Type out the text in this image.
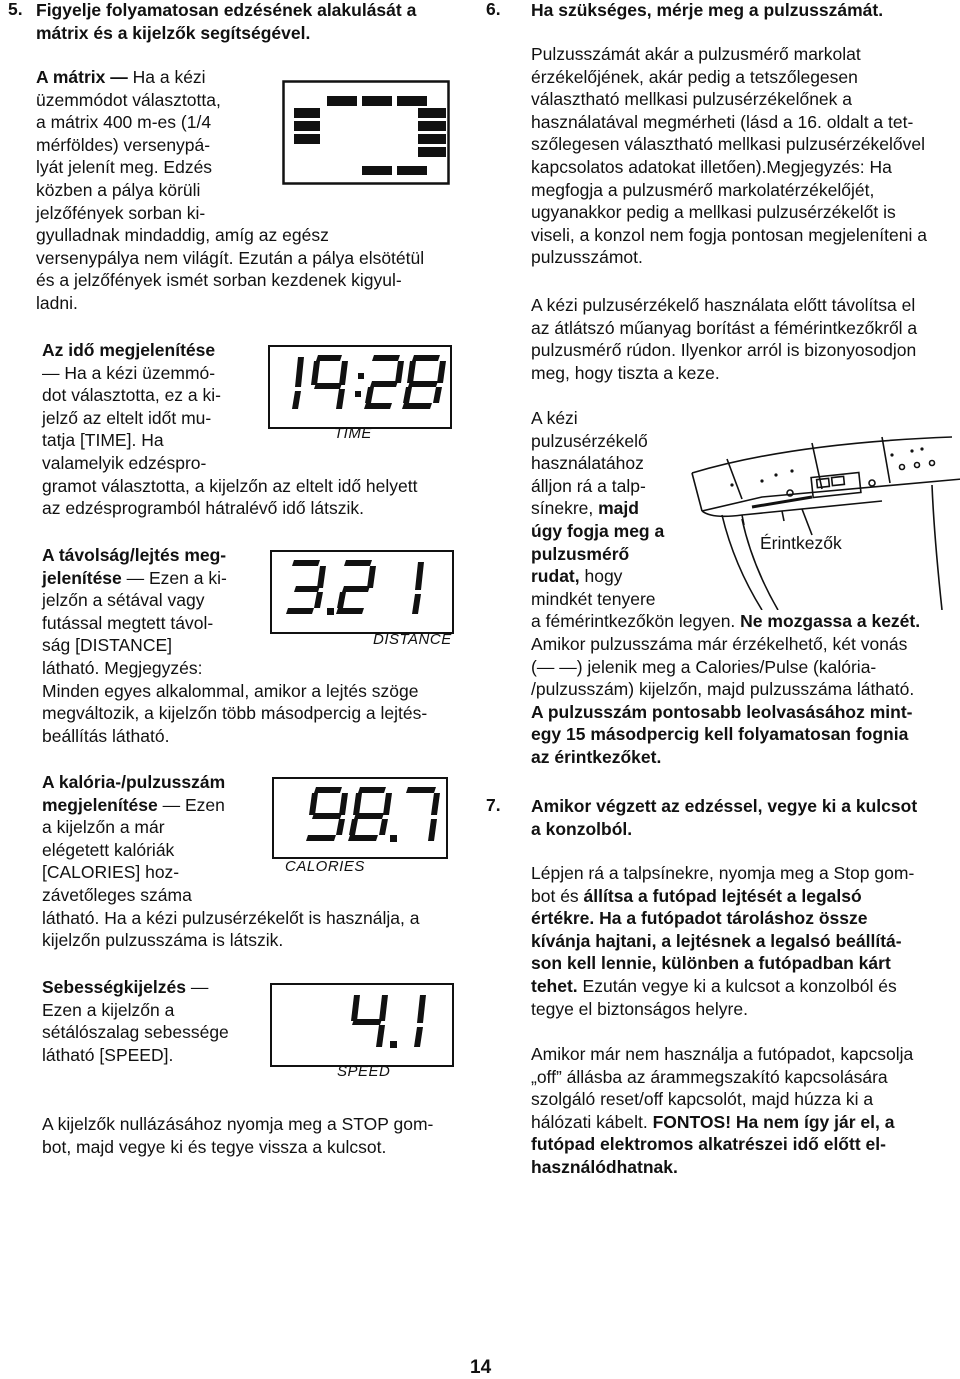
5. Figyelje folyamatosan edzésének alakulását a
mátrix és a kijelzők segítségével.
A mátrix — Ha a kézi
üzemmódot választotta,
a mátrix 400 m-es (1/4
mérföldes) versenypá-
lyát jelenít meg. Edzés
közben a pálya körüli
jelzőfények sorban ki-
gyulladnak mindaddig, amíg az egész
versenypálya nem világít. Ezután a pálya elsötétül
és a jelzőfények ismét sorban kezdenek kigyul-
ladni.
Az idő megjelenítése
— Ha a kézi üzemmó-
dot választotta, ez a ki-
jelző az eltelt időt mu-
tatja [TIME]. Ha
valamelyik edzéspro-
gramot választotta, a kijelzőn az eltelt idő helyett
az edzésprogramból hátralévő idő látszik.
TIME
A távolság/lejtés meg-
jelenítése — Ezen a ki-
jelzőn a sétával vagy
futással megtett távol-
ság [DISTANCE]
látható. Megjegyzés:
Minden egyes alkalommal, amikor a lejtés szöge
megváltozik, a kijelzőn több másodpercig a lejtés-
beállítás látható.
DISTANCE
A kalória-/pulzusszám
megjelenítése — Ezen
a kijelzőn a már
elégetett kalóriák
[CALORIES] hoz-
závetőleges száma
látható. Ha a kézi pulzusérzékelőt is használja, a
kijelzőn pulzusszáma is látszik.
CALORIES
Sebességkijelzés —
Ezen a kijelzőn a
sétálószalag sebessége
látható [SPEED].
SPEED
A kijelzők nullázásához nyomja meg a STOP gom-
bot, majd vegye ki és tegye vissza a kulcsot.
6. Ha szükséges, mérje meg a pulzusszámát.
Pulzusszámát akár a pulzusmérő markolat
érzékelőjének, akár pedig a tetszőlegesen
választható mellkasi pulzusérzékelőnek a
használatával megmérheti (lásd a 16. oldalt a tet-
szőlegesen választható mellkasi pulzusérzékelővel
kapcsolatos adatokat illetően).Megjegyzés: Ha
megfogja a pulzusmérő markolatérzékelőjét,
ugyanakkor pedig a mellkasi pulzusérzékelőt is
viseli, a konzol nem fogja pontosan megjeleníteni a
pulzusszámot.
A kézi pulzusérzékelő használata előtt távolítsa el
az átlátszó műanyag borítást a fémérintkezőkről a
pulzusmérő rúdon. Ilyenkor arról is bizonyosodjon
meg, hogy tiszta a keze.
A kézi
pulzusérzékelő
használatához
álljon rá a talp-
sínekre, majd
úgy fogja meg a
pulzusmérő
rudat, hogy
mindkét tenyere
a fémérintkezőkön legyen. Ne mozgassa a kezét.
Amikor pulzusszáma már érzékelhető, két vonás
(— —) jelenik meg a Calories/Pulse (kalória-
/pulzusszám) kijelzőn, majd pulzusszáma látható.
A pulzusszám pontosabb leolvasásához mint-
egy 15 másodpercig kell folyamatosan fognia
az érintkezőket.
Érintkezők
7. Amikor végzett az edzéssel, vegye ki a kulcsot
a konzolból.
Lépjen rá a talpsínekre, nyomja meg a Stop gom-
bot és állítsa a futópad lejtését a legalsó
értékre. Ha a futópadot tároláshoz össze
kívánja hajtani, a lejtésnek a legalsó beállítá-
son kell lennie, különben a futópadban kárt
tehet. Ezután vegye ki a kulcsot a konzolból és
tegye el biztonságos helyre.
Amikor már nem használja a futópadot, kapcsolja
„off” állásba az árammegszakító kapcsolására
szolgáló reset/off kapcsolót, majd húzza ki a
hálózati kábelt. FONTOS! Ha nem így jár el, a
futópad elektromos alkatrészei idő előtt el-
használódhatnak.
14
